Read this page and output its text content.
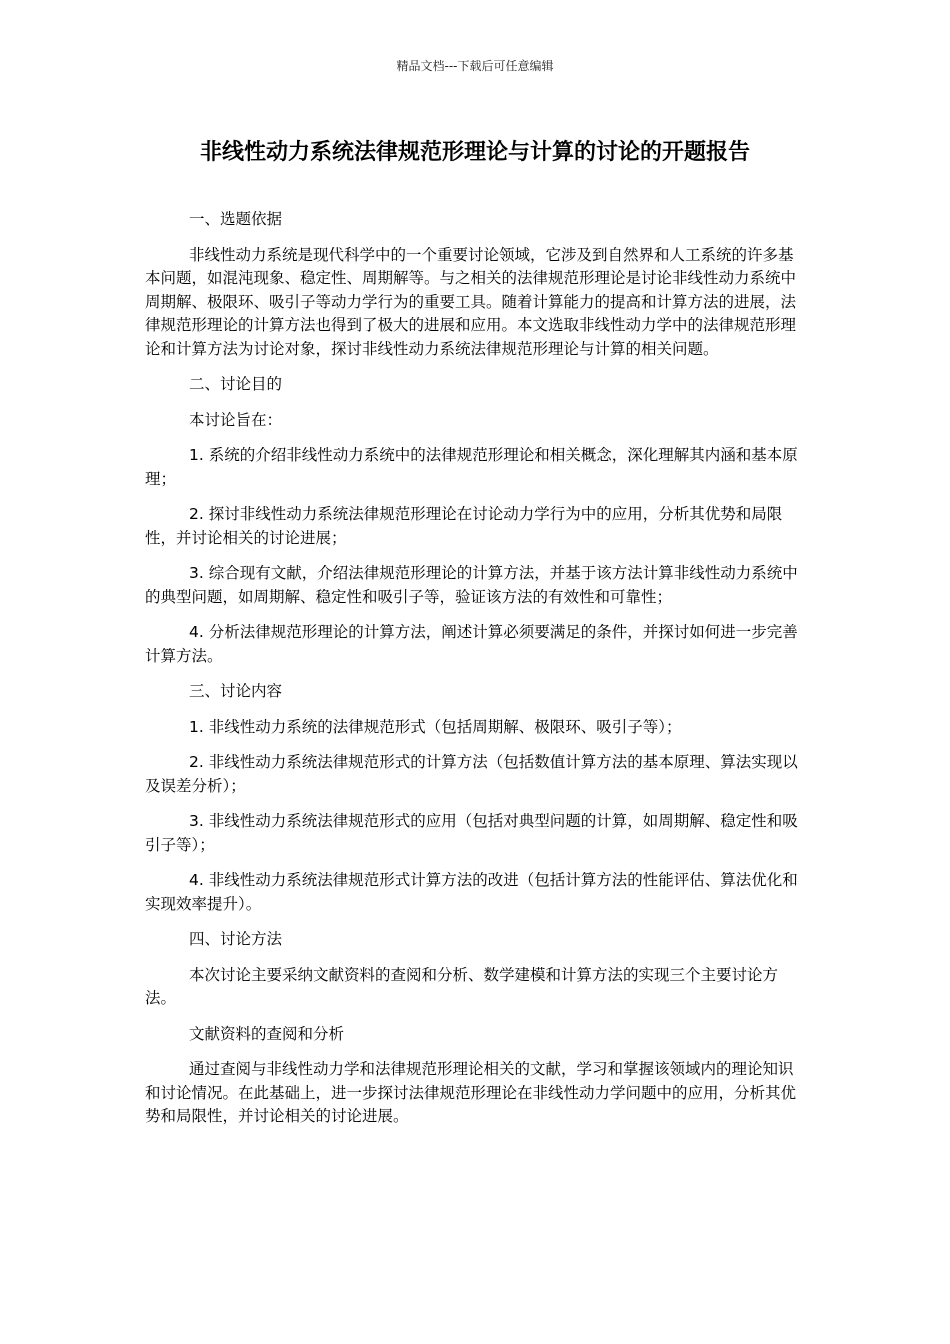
精品文档---下载后可任意编辑
非线性动力系统法律规范形理论与计算的讨论的开题报告

一、选题依据

非线性动力系统是现代科学中的一个重要讨论领域，它涉及到自然界和人工系统的许多基本问题，如混沌现象、稳定性、周期解等。与之相关的法律规范形理论是讨论非线性动力系统中周期解、极限环、吸引子等动力学行为的重要工具。随着计算能力的提高和计算方法的进展，法律规范形理论的计算方法也得到了极大的进展和应用。本文选取非线性动力学中的法律规范形理论和计算方法为讨论对象，探讨非线性动力系统法律规范形理论与计算的相关问题。

二、讨论目的

本讨论旨在：

1. 系统的介绍非线性动力系统中的法律规范形理论和相关概念，深化理解其内涵和基本原理；

2. 探讨非线性动力系统法律规范形理论在讨论动力学行为中的应用，分析其优势和局限性，并讨论相关的讨论进展；

3. 综合现有文献，介绍法律规范形理论的计算方法，并基于该方法计算非线性动力系统中的典型问题，如周期解、稳定性和吸引子等，验证该方法的有效性和可靠性；

4. 分析法律规范形理论的计算方法，阐述计算必须要满足的条件，并探讨如何进一步完善计算方法。

三、讨论内容

1. 非线性动力系统的法律规范形式（包括周期解、极限环、吸引子等）；

2. 非线性动力系统法律规范形式的计算方法（包括数值计算方法的基本原理、算法实现以及误差分析）；

3. 非线性动力系统法律规范形式的应用（包括对典型问题的计算，如周期解、稳定性和吸引子等）；

4. 非线性动力系统法律规范形式计算方法的改进（包括计算方法的性能评估、算法优化和实现效率提升）。

四、讨论方法

本次讨论主要采纳文献资料的查阅和分析、数学建模和计算方法的实现三个主要讨论方法。

文献资料的查阅和分析

通过查阅与非线性动力学和法律规范形理论相关的文献，学习和掌握该领域内的理论知识和讨论情况。在此基础上，进一步探讨法律规范形理论在非线性动力学问题中的应用，分析其优势和局限性，并讨论相关的讨论进展。
